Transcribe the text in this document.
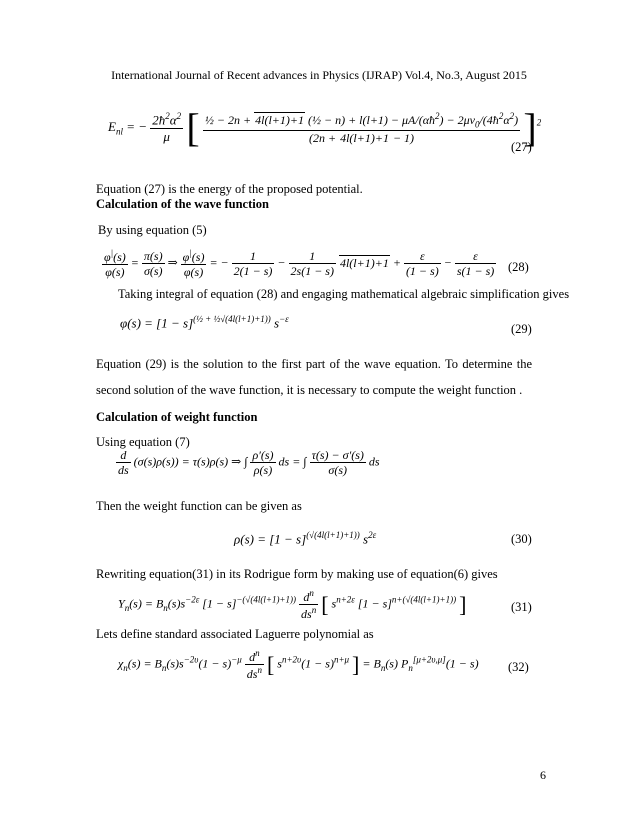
International Journal of Recent advances in Physics (IJRAP) Vol.4, No.3, August 2015
$E_{nl}$ = − $\frac{2ħ^2\alpha^2}{\mu}$ [ ½ − 2n + 4l(l+1)+1 (½ − $n) + l(l+1) - \mu A/(\alpha ħ^2)$ − $2\mu v_0/(4ħ^2\alpha^2)$
(2n + 4l(l+1)+1 − 1)	]$^2$
(27)
Equation (27) is the energy of the proposed potential.
Calculation of the wave function
By using equation (5)
$\frac{\varphi^|(s)}{\varphi(s)} = \frac{\pi(s)}{\sigma(s)}$ ⇒ $\frac{\varphi^|(s)}{\varphi(s)}$ = − $\frac{1}{2(1 - s)} - \frac{1}{2s(1 - s)} 4l(l+1)+1 + \frac{\varepsilon}{(1 - s)} - \frac{\varepsilon}{s(1 - s)} (28)$
Taking integral of equation (28) and engaging mathematical algebraic simplification gives
$\varphi(s) = [1 - s]^{(\frac{1}{2} + \frac{1}{2}√(4l(l+1)+1))}$ $s^{-\varepsilon}$
(29)
Equation (29) is the solution to the first part of the wave equation. To determine the second solution of the wave function, it is necessary to compute the weight function .
Calculation of weight function
Using equation (7)
$\frac{d}{ds} (\sigma(s)\rho(s)) = \tau(s)\rho(s)$ ⇒ ∫ $\frac{\rho'(s)}{\rho(s)}$ ds = ∫ $\frac{\tau(s) - \sigma'(s)}{\sigma(s)}$ ds
Then the weight function can be given as
$\rho(s) = [1 - s]^{(√(4l(l+1)+1))}$ $s^{2\varepsilon}$	(30)
Rewriting equation(31) in its Rodrigue form by making use of equation(6) gives
$Y_n(s) = B_n(s)s^{-2\varepsilon}$ $[1 - s]^{-(√(4l(l+1)+1))} \frac{d^n}{ds^n}$ [ $s^{n+2\varepsilon}$ $[1 - s]^{n+(√(4l(l+1)+1))}$ ]	(31)
Lets define standard associated Laguerre polynomial as
$\chi_n(s) = B_n(s)s^{-2\upsilon}(1 - s)^{-\mu} \frac{d^n}{ds^n}$ [ $s^{n+2\upsilon}(1 - s)^{n+\mu}$ ] = $B_n(s) P_n[\mu+2\upsilon,\mu](1 - s)$ (32)
6
